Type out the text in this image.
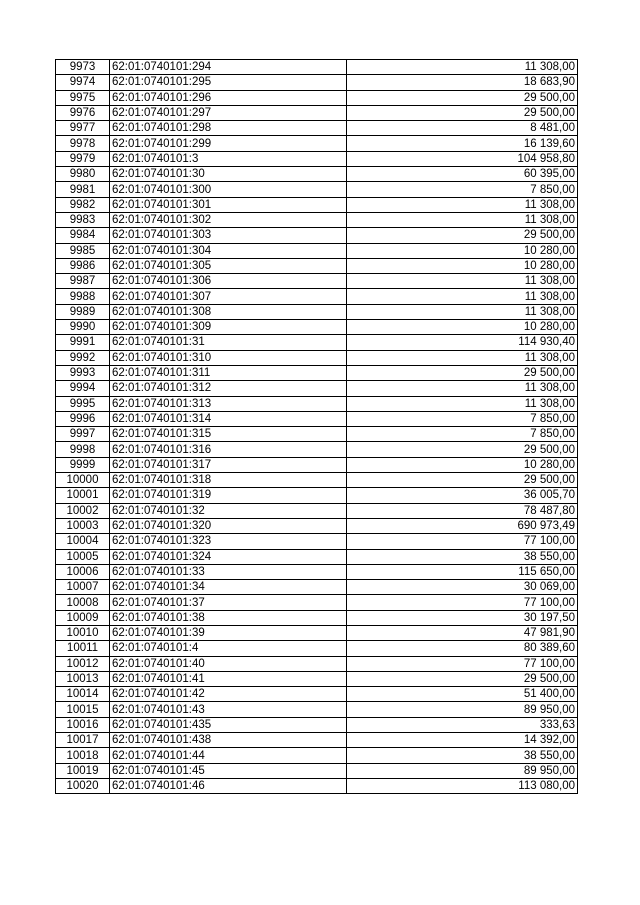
9973	62:01:0740101:294	11 308,00
9974	62:01:0740101:295	18 683,90
9975	62:01:0740101:296	29 500,00
9976	62:01:0740101:297	29 500,00
9977	62:01:0740101:298	8 481,00
9978	62:01:0740101:299	16 139,60
9979	62:01:0740101:3	104 958,80
9980	62:01:0740101:30	60 395,00
9981	62:01:0740101:300	7 850,00
9982	62:01:0740101:301	11 308,00
9983	62:01:0740101:302	11 308,00
9984	62:01:0740101:303	29 500,00
9985	62:01:0740101:304	10 280,00
9986	62:01:0740101:305	10 280,00
9987	62:01:0740101:306	11 308,00
9988	62:01:0740101:307	11 308,00
9989	62:01:0740101:308	11 308,00
9990	62:01:0740101:309	10 280,00
9991	62:01:0740101:31	114 930,40
9992	62:01:0740101:310	11 308,00
9993	62:01:0740101:311	29 500,00
9994	62:01:0740101:312	11 308,00
9995	62:01:0740101:313	11 308,00
9996	62:01:0740101:314	7 850,00
9997	62:01:0740101:315	7 850,00
9998	62:01:0740101:316	29 500,00
9999	62:01:0740101:317	10 280,00
10000	62:01:0740101:318	29 500,00
10001	62:01:0740101:319	36 005,70
10002	62:01:0740101:32	78 487,80
10003	62:01:0740101:320	690 973,49
10004	62:01:0740101:323	77 100,00
10005	62:01:0740101:324	38 550,00
10006	62:01:0740101:33	115 650,00
10007	62:01:0740101:34	30 069,00
10008	62:01:0740101:37	77 100,00
10009	62:01:0740101:38	30 197,50
10010	62:01:0740101:39	47 981,90
10011	62:01:0740101:4	80 389,60
10012	62:01:0740101:40	77 100,00
10013	62:01:0740101:41	29 500,00
10014	62:01:0740101:42	51 400,00
10015	62:01:0740101:43	89 950,00
10016	62:01:0740101:435	333,63
10017	62:01:0740101:438	14 392,00
10018	62:01:0740101:44	38 550,00
10019	62:01:0740101:45	89 950,00
10020	62:01:0740101:46	113 080,00
